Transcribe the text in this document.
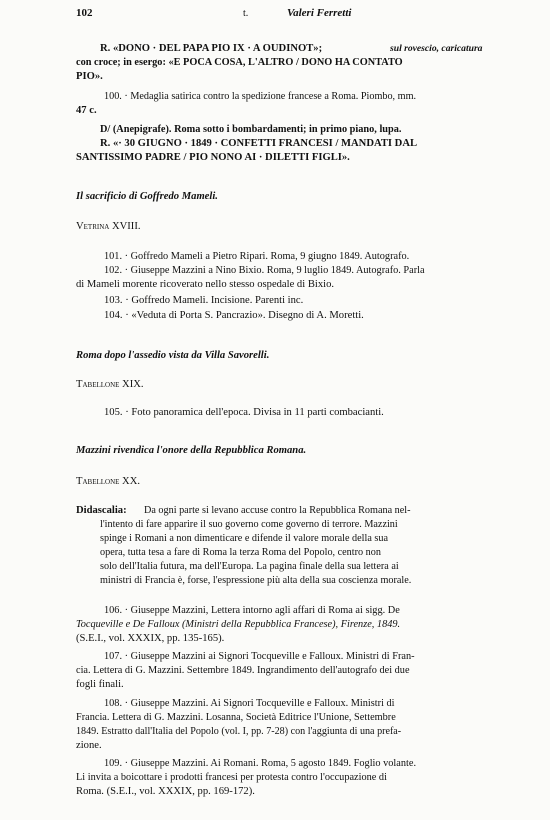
102	t.	Valeri Ferretti
R. «DONO · DEL PAPA PIO IX · A OUDINOT»;	sul rovescio, caricatura
con croce; in esergo: «E POCA COSA, L'ALTRO / DONO HA CONTATO
PIO».
100. · Medaglia satirica contro la spedizione francese a Roma. Piombo, mm.
47 c.
D/ (Anepigrafe). Roma sotto i bombardamenti; in primo piano, lupa.
R. «· 30 GIUGNO · 1849 · CONFETTI FRANCESI / MANDATI DAL
SANTISSIMO PADRE / PIO NONO AI · DILETTI FIGLI».
Il sacrificio di Goffredo Mameli.
Vetrina XVIII.
101. · Goffredo Mameli a Pietro Ripari. Roma, 9 giugno 1849. Autografo.
102. · Giuseppe Mazzini a Nino Bixio. Roma, 9 luglio 1849. Autografo. Parla
di Mameli morente ricoverato nello stesso ospedale di Bixio.
103. · Goffredo Mameli. Incisione. Parenti inc.
104. · «Veduta di Porta S. Pancrazio». Disegno di A. Moretti.
Roma dopo l'assedio vista da Villa Savorelli.
Tabellone XIX.
105. · Foto panoramica dell'epoca. Divisa in 11 parti combacianti.
Mazzini rivendica l'onore della Repubblica Romana.
Tabellone XX.
Didascalia: Da ogni parte si levano accuse contro la Repubblica Romana nel-
l'intento di fare apparire il suo governo come governo di terrore. Mazzini
spinge i Romani a non dimenticare e difende il valore morale della sua
opera, tutta tesa a fare di Roma la terza Roma del Popolo, centro non
solo dell'Italia futura, ma dell'Europa. La pagina finale della sua lettera ai
ministri di Francia è, forse, l'espressione più alta della sua coscienza morale.
106. · Giuseppe Mazzini, Lettera intorno agli affari di Roma ai sigg. De
Tocqueville e De Falloux (Ministri della Repubblica Francese), Firenze, 1849.
(S.E.I., vol. XXXIX, pp. 135-165).
107. · Giuseppe Mazzini ai Signori Tocqueville e Falloux. Ministri di Fran-
cia. Lettera di G. Mazzini. Settembre 1849. Ingrandimento dell'autografo dei due
fogli finali.
108. · Giuseppe Mazzini. Ai Signori Tocqueville e Falloux. Ministri di
Francia. Lettera di G. Mazzini. Losanna, Società Editrice l'Unione, Settembre
1849. Estratto dall'Italia del Popolo (vol. I, pp. 7-28) con l'aggiunta di una prefa-
zione.
109. · Giuseppe Mazzini. Ai Romani. Roma, 5 agosto 1849. Foglio volante.
Li invita a boicottare i prodotti francesi per protesta contro l'occupazione di
Roma. (S.E.I., vol. XXXIX, pp. 169-172).
